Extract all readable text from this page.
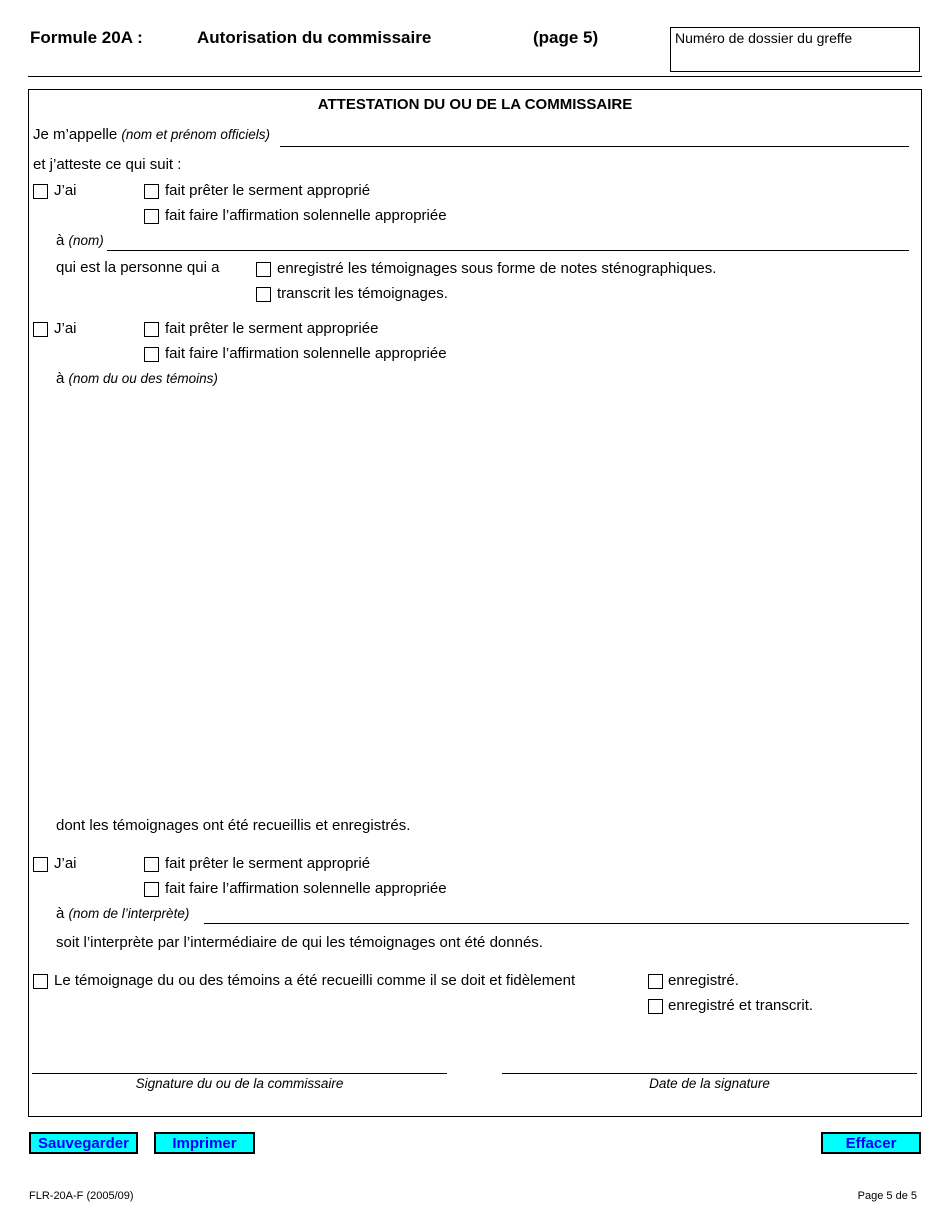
Formule 20A :	Autorisation du commissaire	(page 5)	Numéro de dossier du greffe
ATTESTATION DU OU DE LA COMMISSAIRE
Je m’appelle (nom et prénom officiels)
et j’atteste ce qui suit :
J’ai	fait prêter le serment approprié
fait faire l’affirmation solennelle appropriée
à (nom)
qui est la personne qui a	enregistré les témoignages sous forme de notes sténographiques.
transcrit les témoignages.
J’ai	fait prêter le serment appropriée
fait faire l’affirmation solennelle appropriée
à (nom du ou des témoins)
dont les témoignages ont été recueillis et enregistrés.
J’ai	fait prêter le serment approprié
fait faire l’affirmation solennelle appropriée
à (nom de l’interprète)
soit l’interprète par l’intermédiaire de qui les témoignages ont été donnés.
Le témoignage du ou des témoins a été recueilli comme il se doit et fidèlement	enregistré.
enregistré et transcrit.
Signature du ou de la commissaire	Date de la signature
Sauvegarder	Imprimer	Effacer
FLR-20A-F (2005/09)	Page 5 de 5
